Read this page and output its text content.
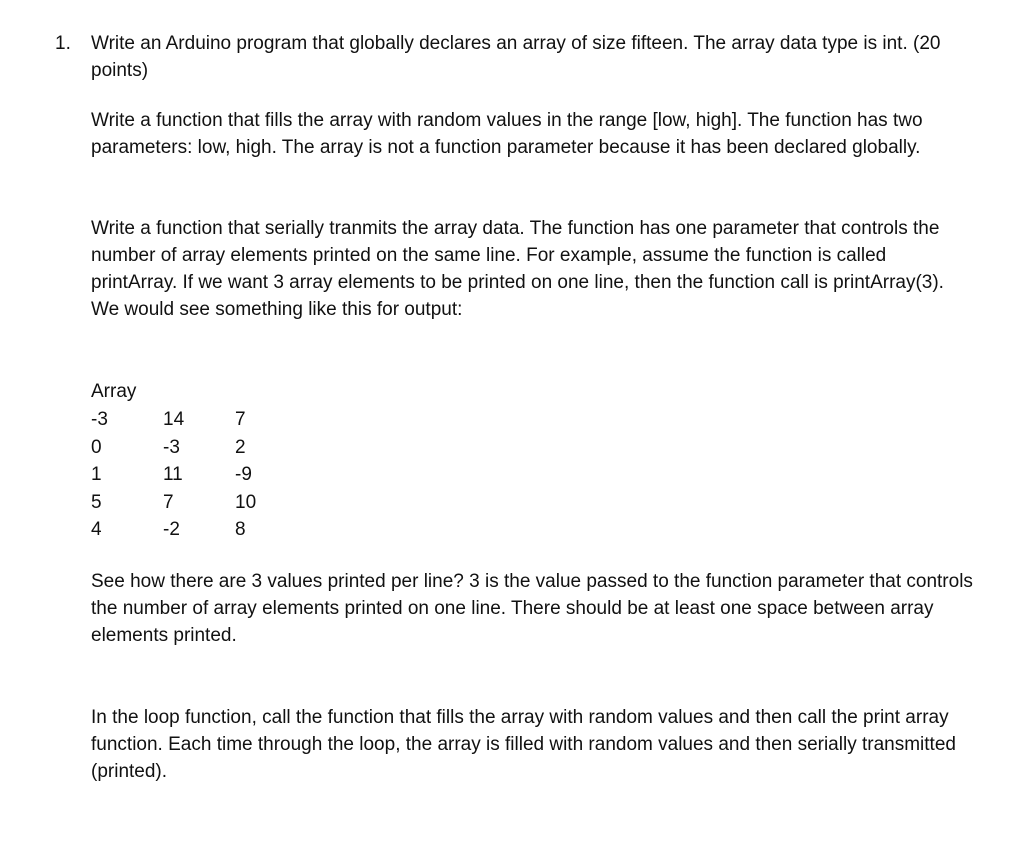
1. Write an Arduino program that globally declares an array of size fifteen. The array data type is int. (20 points)

Write a function that fills the array with random values in the range [low, high]. The function has two parameters: low, high. The array is not a function parameter because it has been declared globally.

Write a function that serially tranmits the array data. The function has one parameter that controls the number of array elements printed on the same line. For example, assume the function is called printArray. If we want 3 array elements to be printed on one line, then the function call is printArray(3). We would see something like this for output:

Array
-3	14	7
0	-3	2
1	11	-9
5	7	10
4	-2	8

See how there are 3 values printed per line? 3 is the value passed to the function parameter that controls the number of array elements printed on one line. There should be at least one space between array elements printed.

In the loop function, call the function that fills the array with random values and then call the print array function. Each time through the loop, the array is filled with random values and then serially transmitted (printed).
